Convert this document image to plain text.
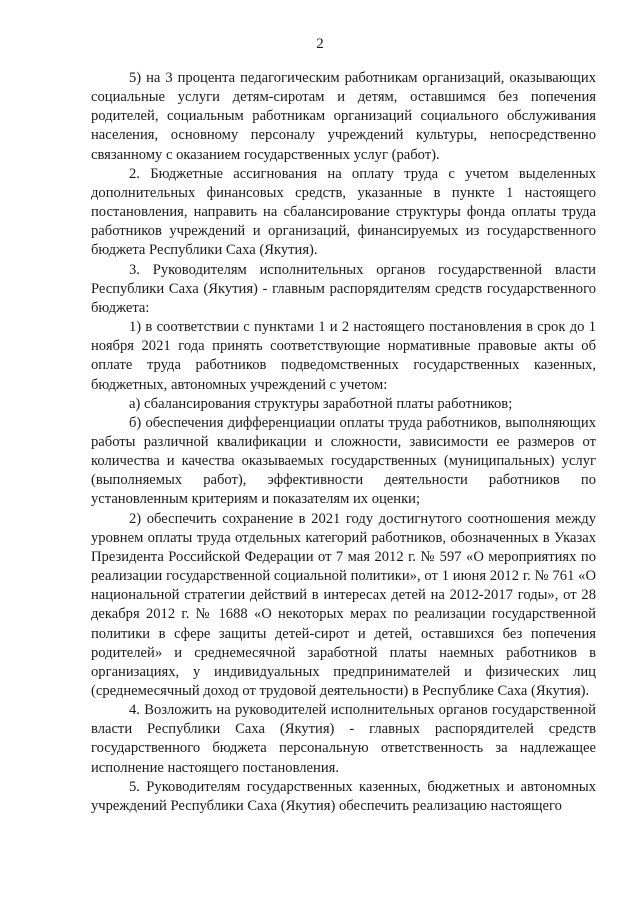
2

5) на 3 процента педагогическим работникам организаций, оказывающих социальные услуги детям-сиротам и детям, оставшимся без попечения родителей, социальным работникам организаций социального обслуживания населения, основному персоналу учреждений культуры, непосредственно связанному с оказанием государственных услуг (работ).

2. Бюджетные ассигнования на оплату труда с учетом выделенных дополнительных финансовых средств, указанные в пункте 1 настоящего постановления, направить на сбалансирование структуры фонда оплаты труда работников учреждений и организаций, финансируемых из государственного бюджета Республики Саха (Якутия).

3. Руководителям исполнительных органов государственной власти Республики Саха (Якутия) - главным распорядителям средств государственного бюджета:

1) в соответствии с пунктами 1 и 2 настоящего постановления в срок до 1 ноября 2021 года принять соответствующие нормативные правовые акты об оплате труда работников подведомственных государственных казенных, бюджетных, автономных учреждений с учетом:

а) сбалансирования структуры заработной платы работников;

б) обеспечения дифференциации оплаты труда работников, выполняющих работы различной квалификации и сложности, зависимости ее размеров от количества и качества оказываемых государственных (муниципальных) услуг (выполняемых работ), эффективности деятельности работников по установленным критериям и показателям их оценки;

2) обеспечить сохранение в 2021 году достигнутого соотношения между уровнем оплаты труда отдельных категорий работников, обозначенных в Указах Президента Российской Федерации от 7 мая 2012 г. № 597 «О мероприятиях по реализации государственной социальной политики», от 1 июня 2012 г. № 761 «О национальной стратегии действий в интересах детей на 2012-2017 годы», от 28 декабря 2012 г. № 1688 «О некоторых мерах по реализации государственной политики в сфере защиты детей-сирот и детей, оставшихся без попечения родителей» и среднемесячной заработной платы наемных работников в организациях, у индивидуальных предпринимателей и физических лиц (среднемесячный доход от трудовой деятельности) в Республике Саха (Якутия).

4. Возложить на руководителей исполнительных органов государственной власти Республики Саха (Якутия) - главных распорядителей средств государственного бюджета персональную ответственность за надлежащее исполнение настоящего постановления.

5. Руководителям государственных казенных, бюджетных и автономных учреждений Республики Саха (Якутия) обеспечить реализацию настоящего
